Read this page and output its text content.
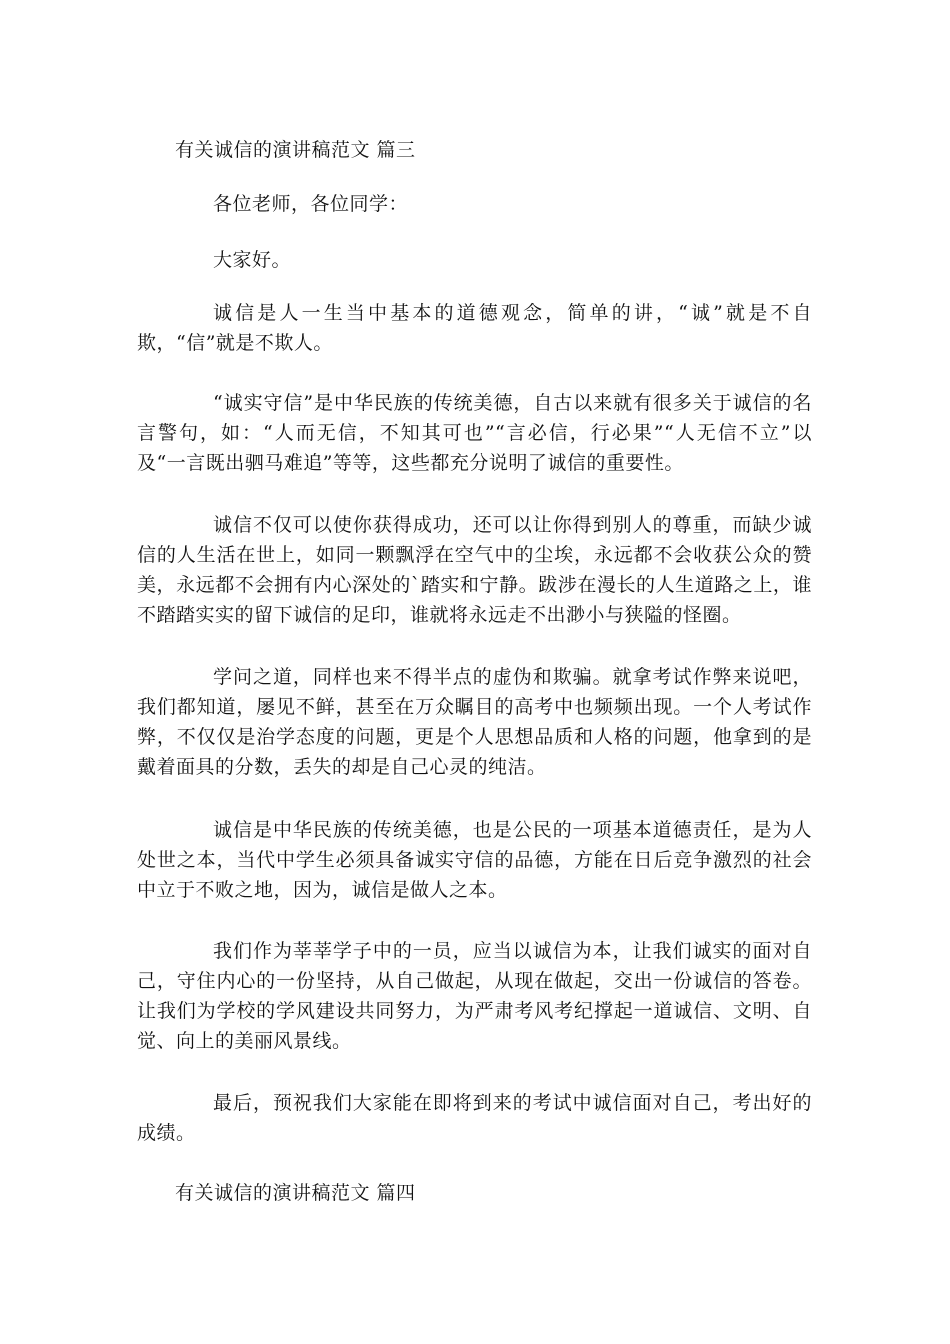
有关诚信的演讲稿范文 篇三

各位老师，各位同学：

大家好。

诚信是人一生当中基本的道德观念，简单的讲，“诚”就是不自欺，“信”就是不欺人。

“诚实守信”是中华民族的传统美德，自古以来就有很多关于诚信的名言警句，如：“人而无信，不知其可也”“言必信，行必果”“人无信不立”以及“一言既出驷马难追”等等，这些都充分说明了诚信的重要性。

诚信不仅可以使你获得成功，还可以让你得到别人的尊重，而缺少诚信的人生活在世上，如同一颗飘浮在空气中的尘埃，永远都不会收获公众的赞美，永远都不会拥有内心深处的`踏实和宁静。跋涉在漫长的人生道路之上，谁不踏踏实实的留下诚信的足印，谁就将永远走不出渺小与狭隘的怪圈。

学问之道，同样也来不得半点的虚伪和欺骗。就拿考试作弊来说吧，我们都知道，屡见不鲜，甚至在万众瞩目的高考中也频频出现。一个人考试作弊，不仅仅是治学态度的问题，更是个人思想品质和人格的问题，他拿到的是戴着面具的分数，丢失的却是自己心灵的纯洁。

诚信是中华民族的传统美德，也是公民的一项基本道德责任，是为人处世之本，当代中学生必须具备诚实守信的品德，方能在日后竞争激烈的社会中立于不败之地，因为，诚信是做人之本。

我们作为莘莘学子中的一员，应当以诚信为本，让我们诚实的面对自己，守住内心的一份坚持，从自己做起，从现在做起，交出一份诚信的答卷。让我们为学校的学风建设共同努力，为严肃考风考纪撑起一道诚信、文明、自觉、向上的美丽风景线。

最后，预祝我们大家能在即将到来的考试中诚信面对自己，考出好的成绩。

有关诚信的演讲稿范文 篇四
